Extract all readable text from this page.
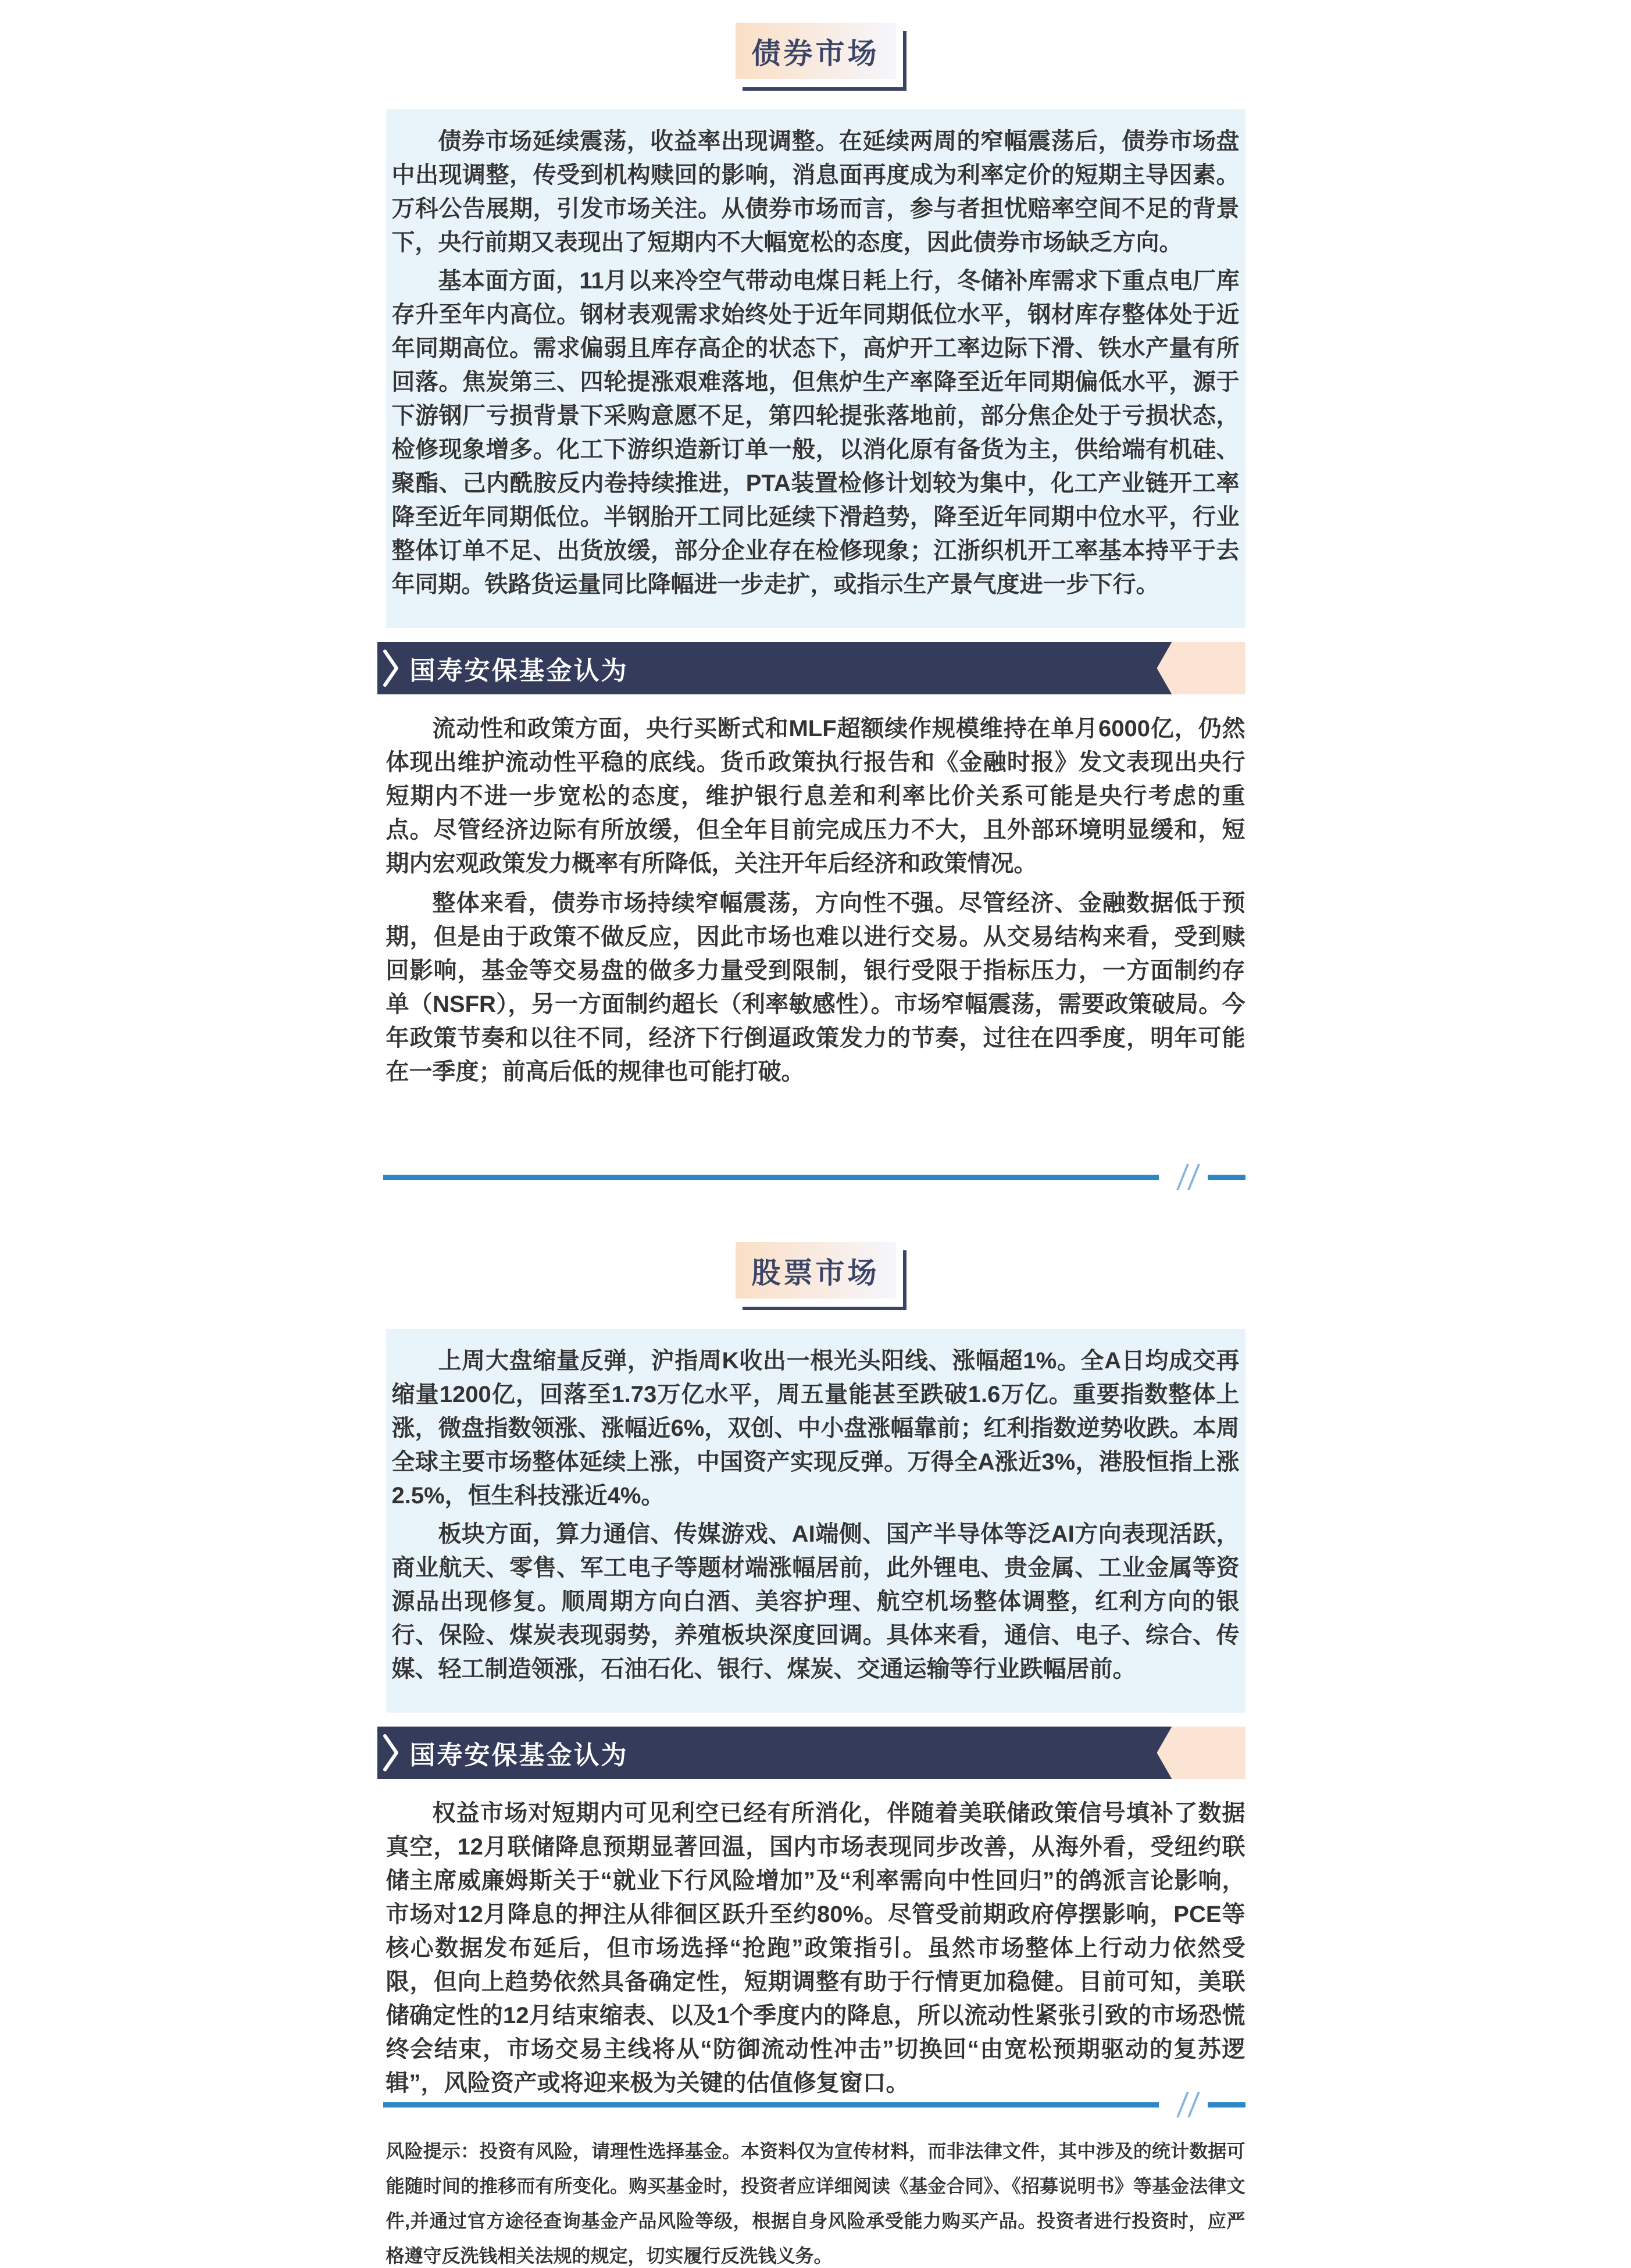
债券市场

债券市场延续震荡，收益率出现调整。在延续两周的窄幅震荡后，债券市场盘中出现调整，传受到机构赎回的影响，消息面再度成为利率定价的短期主导因素。万科公告展期，引发市场关注。从债券市场而言，参与者担忧赔率空间不足的背景下，央行前期又表现出了短期内不大幅宽松的态度，因此债券市场缺乏方向。

基本面方面，11月以来冷空气带动电煤日耗上行，冬储补库需求下重点电厂库存升至年内高位。钢材表观需求始终处于近年同期低位水平，钢材库存整体处于近年同期高位。需求偏弱且库存高企的状态下，高炉开工率边际下滑、铁水产量有所回落。焦炭第三、四轮提涨艰难落地，但焦炉生产率降至近年同期偏低水平，源于下游钢厂亏损背景下采购意愿不足，第四轮提张落地前，部分焦企处于亏损状态，检修现象增多。化工下游织造新订单一般，以消化原有备货为主，供给端有机硅、聚酯、己内酰胺反内卷持续推进，PTA装置检修计划较为集中，化工产业链开工率降至近年同期低位。半钢胎开工同比延续下滑趋势，降至近年同期中位水平，行业整体订单不足、出货放缓，部分企业存在检修现象；江浙织机开工率基本持平于去年同期。铁路货运量同比降幅进一步走扩，或指示生产景气度进一步下行。

国寿安保基金认为

流动性和政策方面，央行买断式和MLF超额续作规模维持在单月6000亿，仍然体现出维护流动性平稳的底线。货币政策执行报告和《金融时报》发文表现出央行短期内不进一步宽松的态度，维护银行息差和利率比价关系可能是央行考虑的重点。尽管经济边际有所放缓，但全年目前完成压力不大，且外部环境明显缓和，短期内宏观政策发力概率有所降低，关注开年后经济和政策情况。

整体来看，债券市场持续窄幅震荡，方向性不强。尽管经济、金融数据低于预期，但是由于政策不做反应，因此市场也难以进行交易。从交易结构来看，受到赎回影响，基金等交易盘的做多力量受到限制，银行受限于指标压力，一方面制约存单（NSFR），另一方面制约超长（利率敏感性）。市场窄幅震荡，需要政策破局。今年政策节奏和以往不同，经济下行倒逼政策发力的节奏，过往在四季度，明年可能在一季度；前高后低的规律也可能打破。

股票市场

上周大盘缩量反弹，沪指周K收出一根光头阳线、涨幅超1%。全A日均成交再缩量1200亿，回落至1.73万亿水平，周五量能甚至跌破1.6万亿。重要指数整体上涨，微盘指数领涨、涨幅近6%，双创、中小盘涨幅靠前；红利指数逆势收跌。本周全球主要市场整体延续上涨，中国资产实现反弹。万得全A涨近3%，港股恒指上涨2.5%，恒生科技涨近4%。

板块方面，算力通信、传媒游戏、AI端侧、国产半导体等泛AI方向表现活跃，商业航天、零售、军工电子等题材端涨幅居前，此外锂电、贵金属、工业金属等资源品出现修复。顺周期方向白酒、美容护理、航空机场整体调整，红利方向的银行、保险、煤炭表现弱势，养殖板块深度回调。具体来看，通信、电子、综合、传媒、轻工制造领涨，石油石化、银行、煤炭、交通运输等行业跌幅居前。

国寿安保基金认为

权益市场对短期内可见利空已经有所消化，伴随着美联储政策信号填补了数据真空，12月联储降息预期显著回温，国内市场表现同步改善，从海外看，受纽约联储主席威廉姆斯关于“就业下行风险增加”及“利率需向中性回归”的鸽派言论影响，市场对12月降息的押注从徘徊区跃升至约80%。尽管受前期政府停摆影响，PCE等核心数据发布延后，但市场选择“抢跑”政策指引。虽然市场整体上行动力依然受限，但向上趋势依然具备确定性，短期调整有助于行情更加稳健。目前可知，美联储确定性的12月结束缩表、以及1个季度内的降息，所以流动性紧张引致的市场恐慌终会结束，市场交易主线将从“防御流动性冲击”切换回“由宽松预期驱动的复苏逻辑”，风险资产或将迎来极为关键的估值修复窗口。

风险提示：投资有风险，请理性选择基金。本资料仅为宣传材料，而非法律文件，其中涉及的统计数据可能随时间的推移而有所变化。购买基金时，投资者应详细阅读《基金合同》、《招募说明书》等基金法律文件,并通过官方途径查询基金产品风险等级，根据自身风险承受能力购买产品。投资者进行投资时，应严格遵守反洗钱相关法规的规定，切实履行反洗钱义务。
